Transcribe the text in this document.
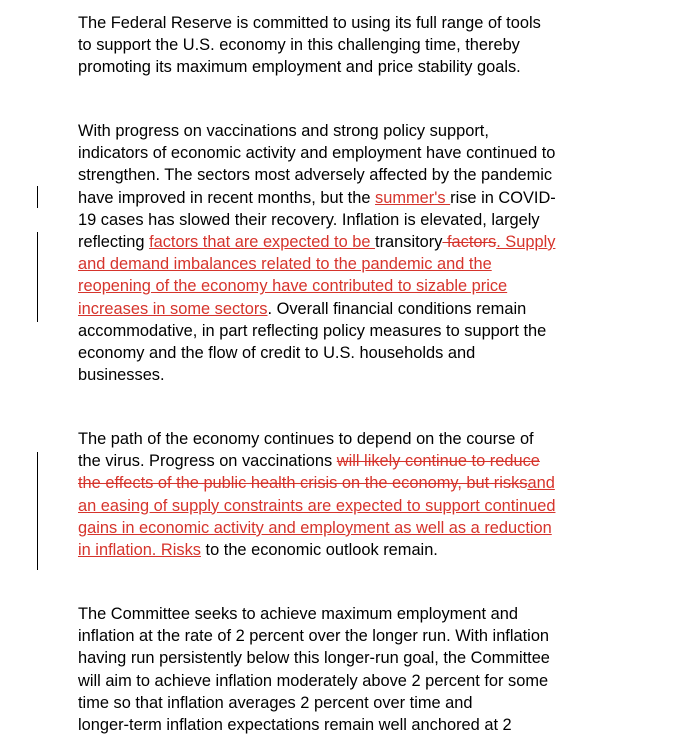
The Federal Reserve is committed to using its full range of tools
to support the U.S. economy in this challenging time, thereby
promoting its maximum employment and price stability goals.

With progress on vaccinations and strong policy support,
indicators of economic activity and employment have continued to
strengthen. The sectors most adversely affected by the pandemic
have improved in recent months, but the summer's rise in COVID-
19 cases has slowed their recovery. Inflation is elevated, largely
reflecting factors that are expected to be transitory factors. Supply
and demand imbalances related to the pandemic and the
reopening of the economy have contributed to sizable price
increases in some sectors. Overall financial conditions remain
accommodative, in part reflecting policy measures to support the
economy and the flow of credit to U.S. households and
businesses.

The path of the economy continues to depend on the course of
the virus. Progress on vaccinations will likely continue to reduce
the effects of the public health crisis on the economy, but risksand
an easing of supply constraints are expected to support continued
gains in economic activity and employment as well as a reduction
in inflation. Risks to the economic outlook remain.

The Committee seeks to achieve maximum employment and
inflation at the rate of 2 percent over the longer run. With inflation
having run persistently below this longer-run goal, the Committee
will aim to achieve inflation moderately above 2 percent for some
time so that inflation averages 2 percent over time and
longer-term inflation expectations remain well anchored at 2
